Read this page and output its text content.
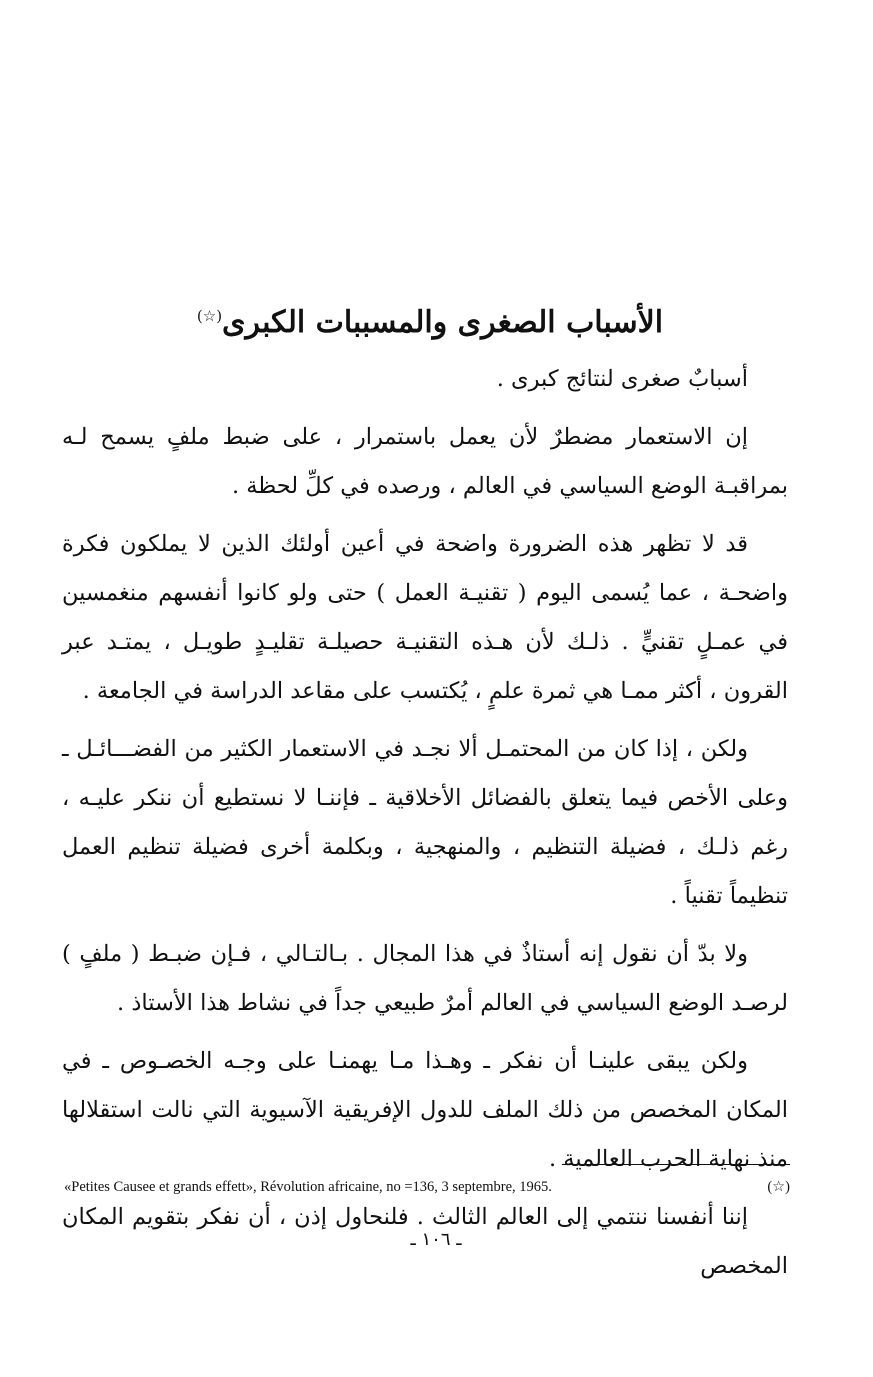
الأسباب الصغرى والمسببات الكبرى(☆)

أسبابٌ صغرى لنتائج كبرى .

إن الاستعمار مضطرٌ لأن يعمل باستمرار ، على ضبط ملفٍ يسمح لـه بمراقبـة الوضع السياسي في العالم ، ورصده في كلِّ لحظة .

قد لا تظهر هذه الضرورة واضحة في أعين أولئك الذين لا يملكون فكرة واضحـة ، عما يُسمى اليوم ( تقنيـة العمل ) حتى ولو كانوا أنفسهم منغمسين في عمـلٍ تقنيٍّ . ذلـك لأن هـذه التقنيـة حصيلـة تقليـدٍ طويـل ، يمتـد عبر القرون ، أكثر ممـا هي ثمرة علمٍ ، يُكتسب على مقاعد الدراسة في الجامعة .

ولكن ، إذا كان من المحتمـل ألا نجـد في الاستعمار الكثير من الفضـــائـل ـ وعلى الأخص فيما يتعلق بالفضائل الأخلاقية ـ فإننـا لا نستطيع أن ننكر عليـه ، رغم ذلـك ، فضيلة التنظيم ، والمنهجية ، وبكلمة أخرى فضيلة تنظيم العمل تنظيماً تقنياً .

ولا بدّ أن نقول إنه أستاذٌ في هذا المجال . بـالتـالي ، فـإن ضبـط ( ملفٍ ) لرصـد الوضع السياسي في العالم أمرٌ طبيعي جداً في نشاط هذا الأستاذ .

ولكن يبقى علينـا أن نفكر ـ وهـذا مـا يهمنـا على وجـه الخصـوص ـ في المكان المخصص من ذلك الملف للدول الإفريقية الآسيوية التي نالت استقلالها منذ نهاية الحرب العالمية .

إننا أنفسنا ننتمي إلى العالم الثالث . فلنحاول إذن ، أن نفكر بتقويم المكان المخصص

«Petites Causee et grands effett», Révolution africaine, no =136, 3 septembre, 1965.	(☆)
ـ ١٠٦ ـ
